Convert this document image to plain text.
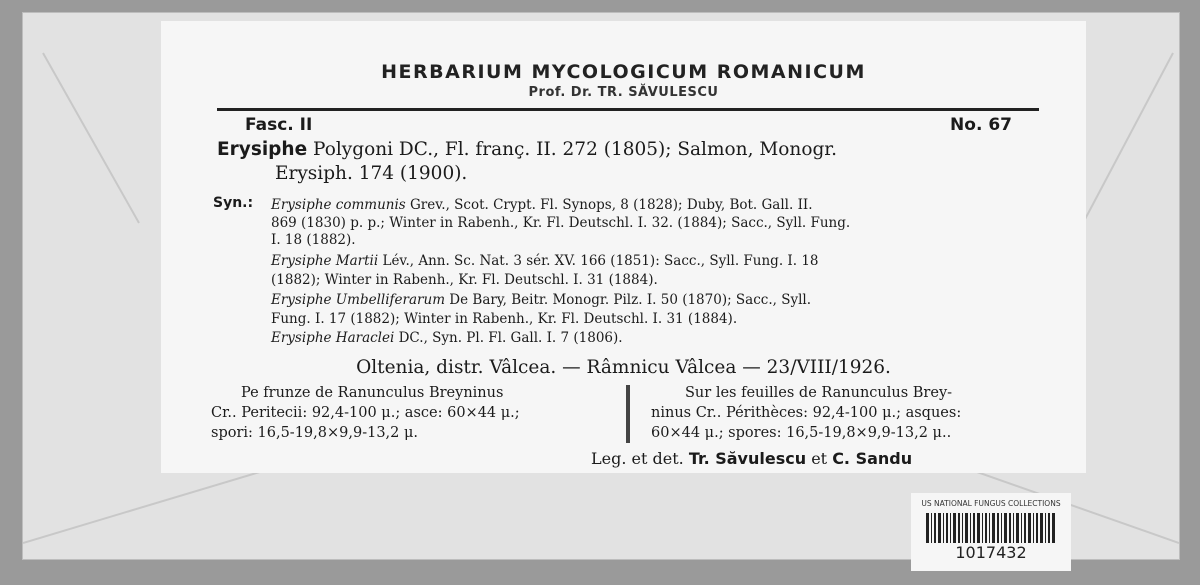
HERBARIUM MYCOLOGICUM ROMANICUM
Prof. Dr. TR. SĂVULESCU
Fasc. II	No. 67
Erysiphe Polygoni DC., Fl. franç. II. 272 (1805); Salmon, Monogr.
Erysiph. 174 (1900).
Syn.: Erysiphe communis Grev., Scot. Crypt. Fl. Synops, 8 (1828); Duby, Bot. Gall. II.
869 (1830) p. p.; Winter in Rabenh., Kr. Fl. Deutschl. I. 32. (1884); Sacc., Syll. Fung.
I. 18 (1882).
Erysiphe Martii Lév., Ann. Sc. Nat. 3 sér. XV. 166 (1851): Sacc., Syll. Fung. I. 18
(1882); Winter in Rabenh., Kr. Fl. Deutschl. I. 31 (1884).
Erysiphe Umbelliferarum De Bary, Beitr. Monogr. Pilz. I. 50 (1870); Sacc., Syll.
Fung. I. 17 (1882); Winter in Rabenh., Kr. Fl. Deutschl. I. 31 (1884).
Erysiphe Haraclei DC., Syn. Pl. Fl. Gall. I. 7 (1806).
Oltenia, distr. Vâlcea. — Râmnicu Vâlcea — 23/VIII/1926.
Pe frunze de Ranunculus Breyninus
Cr.. Peritecii: 92,4-100 μ.; asce: 60×44 μ.;
spori: 16,5-19,8×9,9-13,2 μ.
Sur les feuilles de Ranunculus Brey-
ninus Cr.. Périthèces: 92,4-100 μ.; asques:
60×44 μ.; spores: 16,5-19,8×9,9-13,2 μ..
Leg. et det. Tr. Săvulescu et C. Sandu
US NATIONAL FUNGUS COLLECTIONS
1017432
